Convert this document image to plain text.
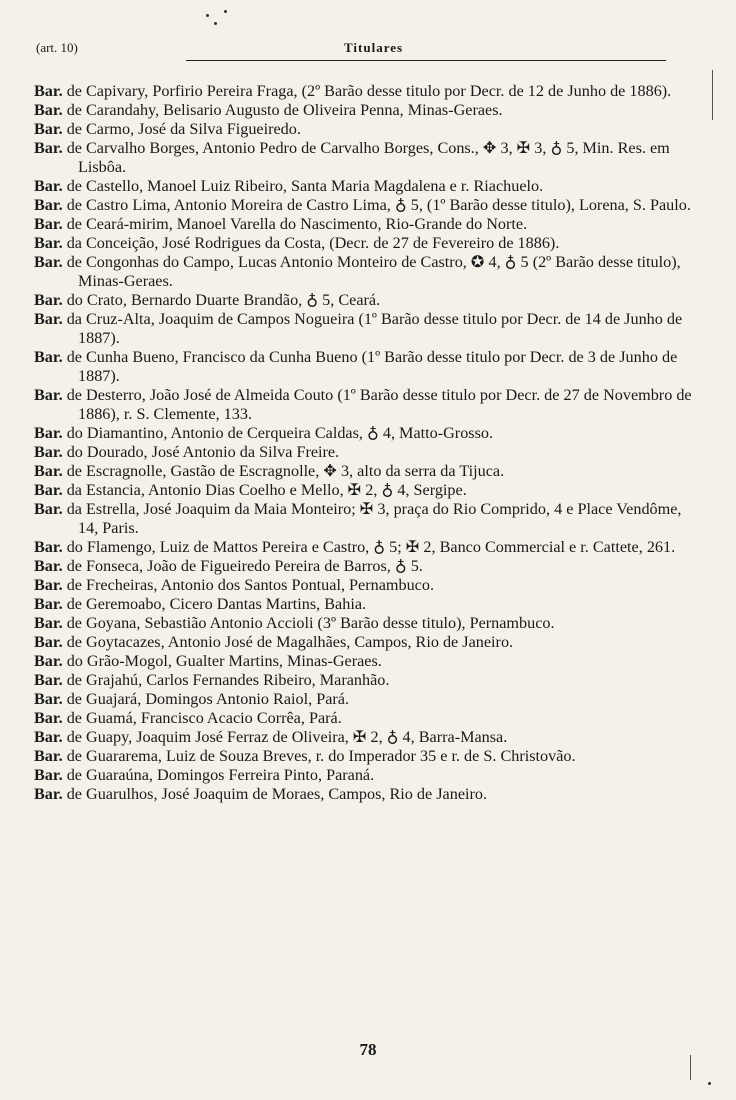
(art. 10)	Titulares

Bar. de Capivary, Porfirio Pereira Fraga, (2º Barão desse titulo por Decr. de 12 de Junho de 1886).

Bar. de Carandahy, Belisario Augusto de Oliveira Penna, Minas-Geraes.

Bar. de Carmo, José da Silva Figueiredo.

Bar. de Carvalho Borges, Antonio Pedro de Carvalho Borges, Cons., ✥ 3, ✠ 3, ♁ 5, Min. Res. em Lisbôa.

Bar. de Castello, Manoel Luiz Ribeiro, Santa Maria Magdalena e r. Riachuelo.

Bar. de Castro Lima, Antonio Moreira de Castro Lima, ♁ 5, (1º Barão desse titulo), Lorena, S. Paulo.

Bar. de Ceará-mirim, Manoel Varella do Nascimento, Rio-Grande do Norte.

Bar. da Conceição, José Rodrigues da Costa, (Decr. de 27 de Fevereiro de 1886).

Bar. de Congonhas do Campo, Lucas Antonio Monteiro de Castro, ✪ 4, ♁ 5 (2º Barão desse titulo), Minas-Geraes.

Bar. do Crato, Bernardo Duarte Brandão, ♁ 5, Ceará.

Bar. da Cruz-Alta, Joaquim de Campos Nogueira (1º Barão desse titulo por Decr. de 14 de Junho de 1887).

Bar. de Cunha Bueno, Francisco da Cunha Bueno (1º Barão desse titulo por Decr. de 3 de Junho de 1887).

Bar. de Desterro, João José de Almeida Couto (1º Barão desse titulo por Decr. de 27 de Novembro de 1886), r. S. Clemente, 133.

Bar. do Diamantino, Antonio de Cerqueira Caldas, ♁ 4, Matto-Grosso.

Bar. do Dourado, José Antonio da Silva Freire.

Bar. de Escragnolle, Gastão de Escragnolle, ✥ 3, alto da serra da Tijuca.

Bar. da Estancia, Antonio Dias Coelho e Mello, ✠ 2, ♁ 4, Sergipe.

Bar. da Estrella, José Joaquim da Maia Monteiro; ✠ 3, praça do Rio Comprido, 4 e Place Vendôme, 14, Paris.

Bar. do Flamengo, Luiz de Mattos Pereira e Castro, ♁ 5; ✠ 2, Banco Commercial e r. Cattete, 261.

Bar. de Fonseca, João de Figueiredo Pereira de Barros, ♁ 5.

Bar. de Frecheiras, Antonio dos Santos Pontual, Pernambuco.

Bar. de Geremoabo, Cicero Dantas Martins, Bahia.

Bar. de Goyana, Sebastião Antonio Accioli (3º Barão desse titulo), Pernambuco.

Bar. de Goytacazes, Antonio José de Magalhães, Campos, Rio de Janeiro.

Bar. do Grão-Mogol, Gualter Martins, Minas-Geraes.

Bar. de Grajahú, Carlos Fernandes Ribeiro, Maranhão.

Bar. de Guajará, Domingos Antonio Raiol, Pará.

Bar. de Guamá, Francisco Acacio Corrêa, Pará.

Bar. de Guapy, Joaquim José Ferraz de Oliveira, ✠ 2, ♁ 4, Barra-Mansa.

Bar. de Guararema, Luiz de Souza Breves, r. do Imperador 35 e r. de S. Christovão.

Bar. de Guaraúna, Domingos Ferreira Pinto, Paraná.

Bar. de Guarulhos, José Joaquim de Moraes, Campos, Rio de Janeiro.

78
